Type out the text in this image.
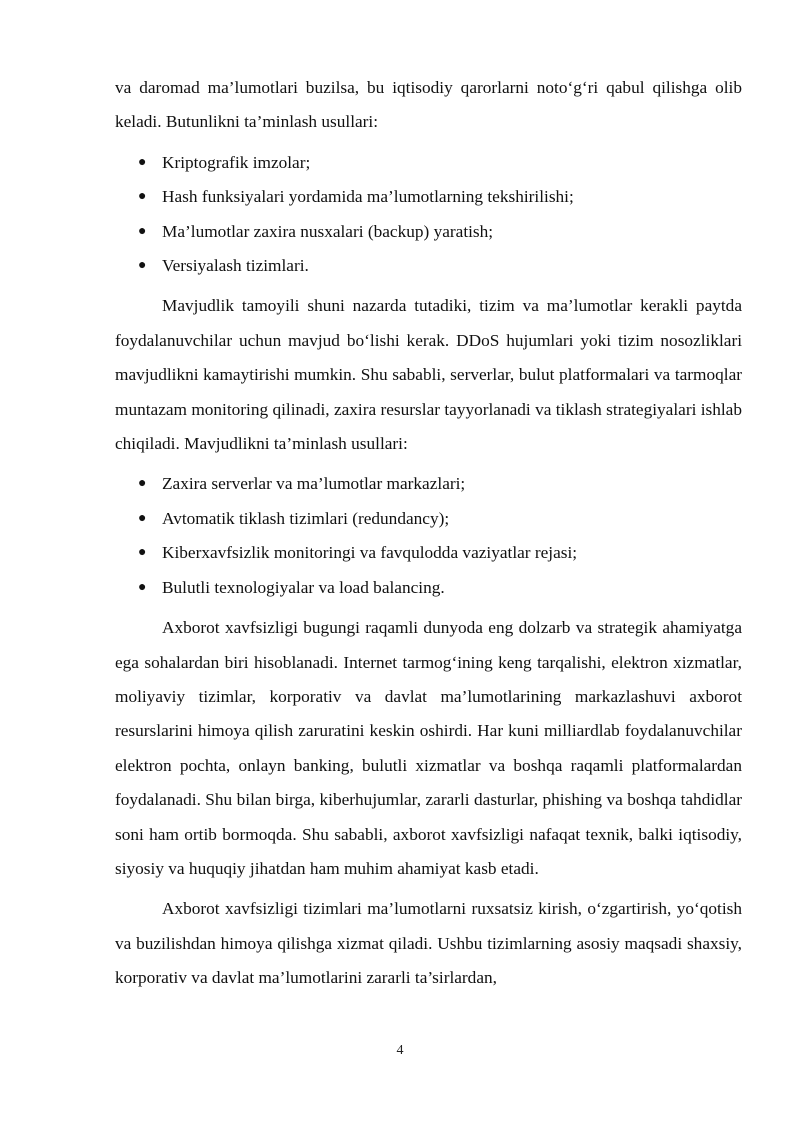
va daromad ma’lumotlari buzilsa, bu iqtisodiy qarorlarni noto‘g‘ri qabul qilishga olib keladi. Butunlikni ta’minlash usullari:

● Kriptografik imzolar;
● Hash funksiyalari yordamida ma’lumotlarning tekshirilishi;
● Ma’lumotlar zaxira nusxalari (backup) yaratish;
● Versiyalash tizimlari.

Mavjudlik tamoyili shuni nazarda tutadiki, tizim va ma’lumotlar kerakli paytda foydalanuvchilar uchun mavjud bo‘lishi kerak. DDoS hujumlari yoki tizim nosozliklari mavjudlikni kamaytirishi mumkin. Shu sababli, serverlar, bulut platformalari va tarmoqlar muntazam monitoring qilinadi, zaxira resurslar tayyorlanadi va tiklash strategiyalari ishlab chiqiladi. Mavjudlikni ta’minlash usullari:

● Zaxira serverlar va ma’lumotlar markazlari;
● Avtomatik tiklash tizimlari (redundancy);
● Kiberxavfsizlik monitoringi va favqulodda vaziyatlar rejasi;
● Bulutli texnologiyalar va load balancing.

Axborot xavfsizligi bugungi raqamli dunyoda eng dolzarb va strategik ahamiyatga ega sohalardan biri hisoblanadi. Internet tarmog‘ining keng tarqalishi, elektron xizmatlar, moliyaviy tizimlar, korporativ va davlat ma’lumotlarining markazlashuvi axborot resurslarini himoya qilish zaruratini keskin oshirdi. Har kuni milliardlab foydalanuvchilar elektron pochta, onlayn banking, bulutli xizmatlar va boshqa raqamli platformalardan foydalanadi. Shu bilan birga, kiberhujumlar, zararli dasturlar, phishing va boshqa tahdidlar soni ham ortib bormoqda. Shu sababli, axborot xavfsizligi nafaqat texnik, balki iqtisodiy, siyosiy va huquqiy jihatdan ham muhim ahamiyat kasb etadi.

Axborot xavfsizligi tizimlari ma’lumotlarni ruxsatsiz kirish, o‘zgartirish, yo‘qotish va buzilishdan himoya qilishga xizmat qiladi. Ushbu tizimlarning asosiy maqsadi shaxsiy, korporativ va davlat ma’lumotlarini zararli ta’sirlardan,

4
